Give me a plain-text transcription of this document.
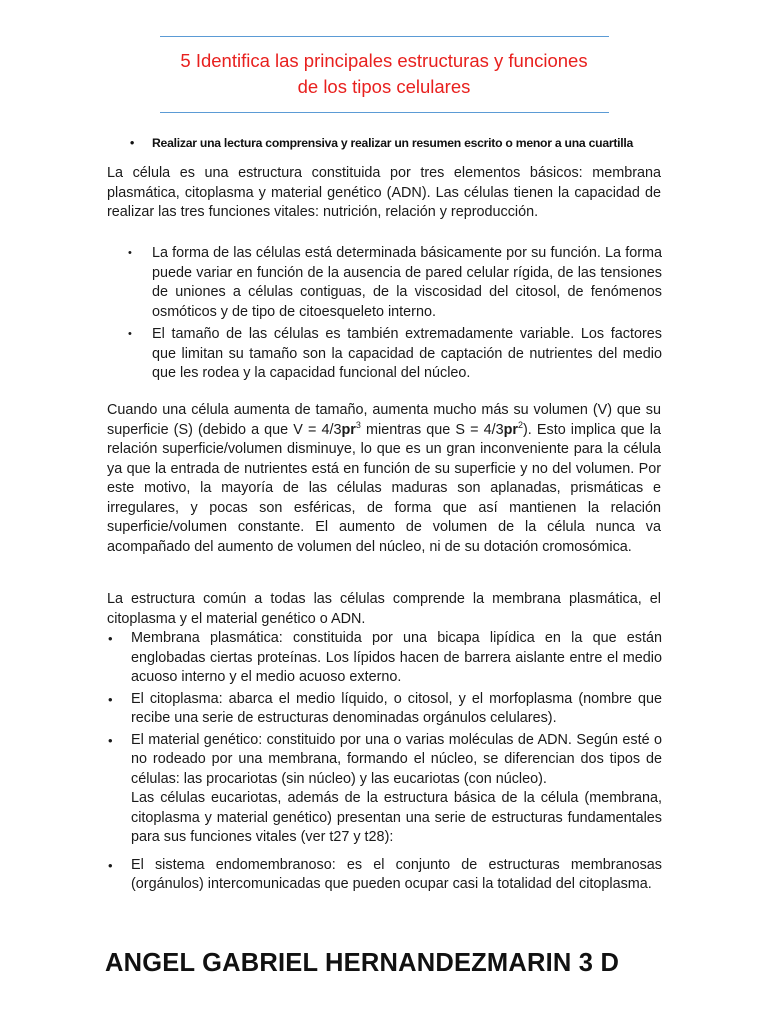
5 Identifica las principales estructuras y funciones
de los tipos celulares
• Realizar una lectura comprensiva y realizar un resumen escrito o menor a una cuartilla

La célula es una estructura constituida por tres elementos básicos: membrana plasmática, citoplasma y material genético (ADN). Las células tienen la capacidad de realizar las tres funciones vitales: nutrición, relación y reproducción.

• La forma de las células está determinada básicamente por su función. La forma puede variar en función de la ausencia de pared celular rígida, de las tensiones de uniones a células contiguas, de la viscosidad del citosol, de fenómenos osmóticos y de tipo de citoesqueleto interno.
• El tamaño de las células es también extremadamente variable. Los factores que limitan su tamaño son la capacidad de captación de nutrientes del medio que les rodea y la capacidad funcional del núcleo.

Cuando una célula aumenta de tamaño, aumenta mucho más su volumen (V) que su superficie (S) (debido a que $V = 4/3pr^3$ mientras que $S = 4/3pr^2$). Esto implica que la relación superficie/volumen disminuye, lo que es un gran inconveniente para la célula ya que la entrada de nutrientes está en función de su superficie y no del volumen. Por este motivo, la mayoría de las células maduras son aplanadas, prismáticas e irregulares, y pocas son esféricas, de forma que así mantienen la relación superficie/volumen constante. El aumento de volumen de la célula nunca va acompañado del aumento de volumen del núcleo, ni de su dotación cromosómica.

La estructura común a todas las células comprende la membrana plasmática, el citoplasma y el material genético o ADN.

• Membrana plasmática: constituida por una bicapa lipídica en la que están englobadas ciertas proteínas. Los lípidos hacen de barrera aislante entre el medio acuoso interno y el medio acuoso externo.
• El citoplasma: abarca el medio líquido, o citosol, y el morfoplasma (nombre que recibe una serie de estructuras denominadas orgánulos celulares).
• El material genético: constituido por una o varias moléculas de ADN. Según esté o no rodeado por una membrana, formando el núcleo, se diferencian dos tipos de células: las procariotas (sin núcleo) y las eucariotas (con núcleo).
Las células eucariotas, además de la estructura básica de la célula (membrana, citoplasma y material genético) presentan una serie de estructuras fundamentales para sus funciones vitales (ver t27 y t28):
• El sistema endomembranoso: es el conjunto de estructuras membranosas (orgánulos) intercomunicadas que pueden ocupar casi la totalidad del citoplasma.
ANGEL GABRIEL HERNANDEZMARIN 3 D
